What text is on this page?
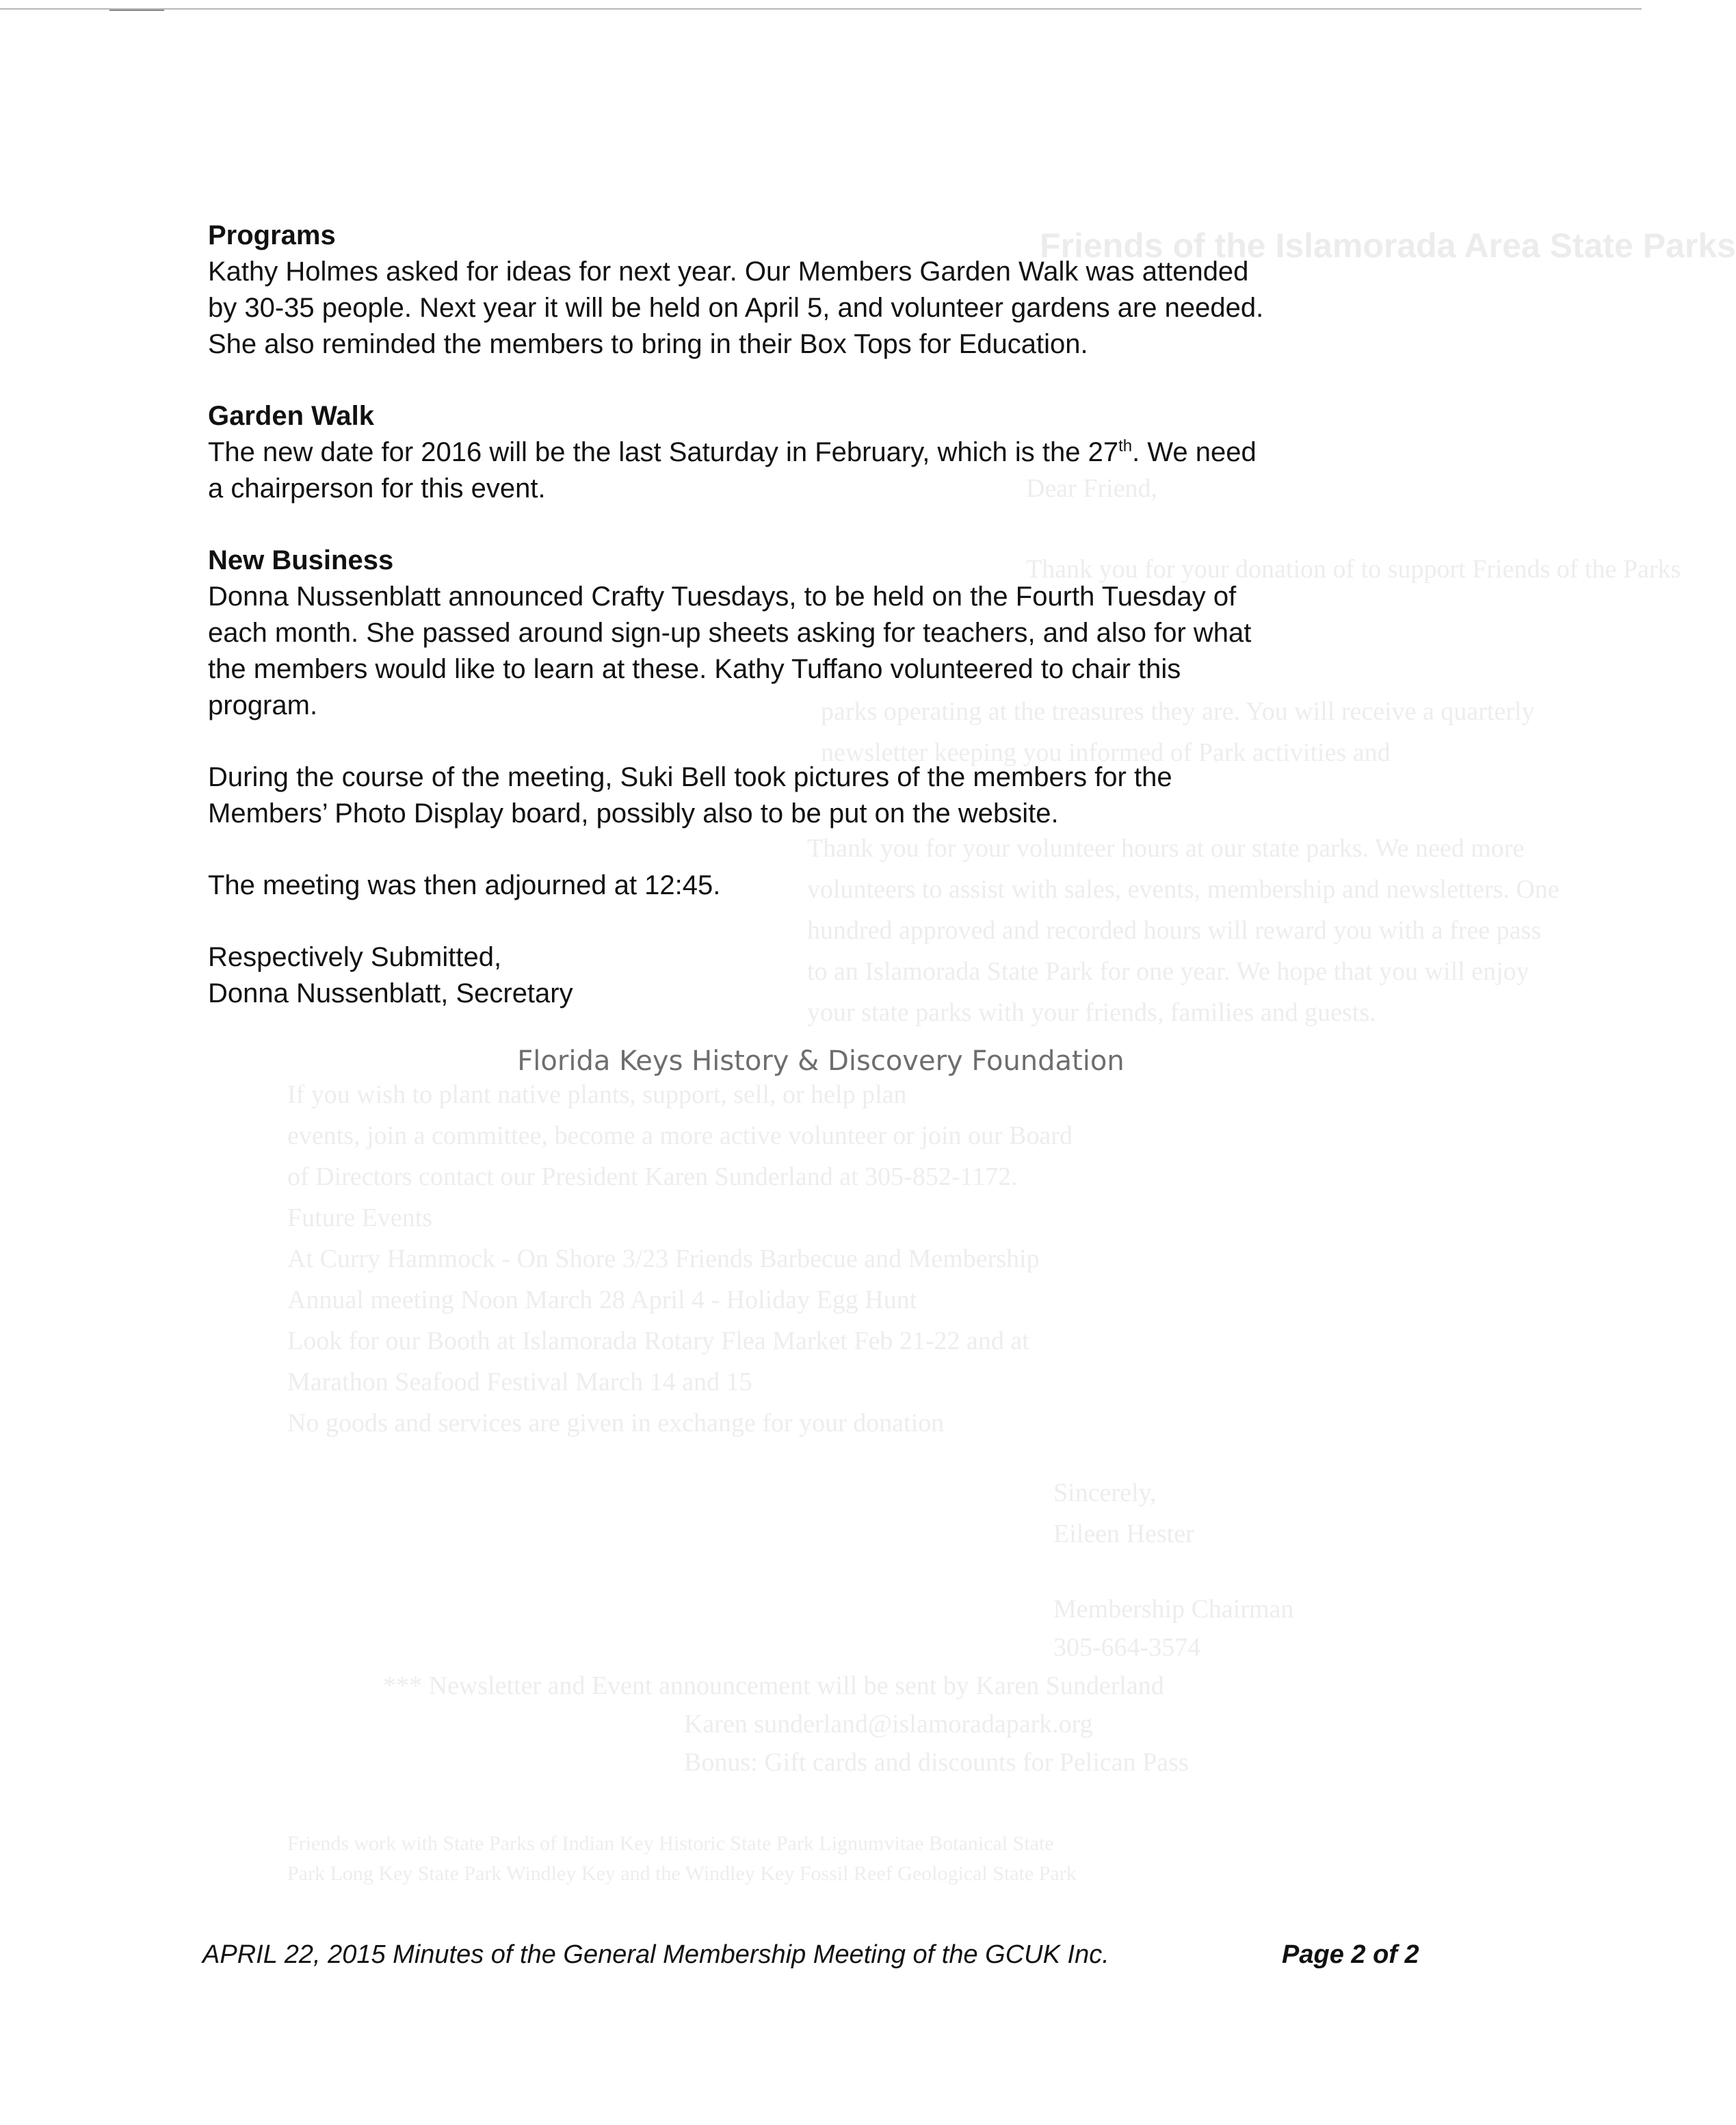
Friends of the Islamorada Area State Parks
Dear Friend,
Thank you for your donation of to support Friends of the Parks
parks operating at the treasures they are. You will receive a quarterly
newsletter keeping you informed of Park activities and
Thank you for your volunteer hours at our state parks. We need more
volunteers to assist with sales, events, membership and newsletters. One
hundred approved and recorded hours will reward you with a free pass
to an Islamorada State Park for one year. We hope that you will enjoy
your state parks with your friends, families and guests.
If you wish to plant native plants, support, sell, or help plan
events, join a committee, become a more active volunteer or join our Board
of Directors contact our President Karen Sunderland at 305-852-1172.
Future Events
At Curry Hammock - On Shore 3/23 Friends Barbecue and Membership
Annual meeting Noon March 28 April 4 - Holiday Egg Hunt
Look for our Booth at Islamorada Rotary Flea Market Feb 21-22 and at
Marathon Seafood Festival March 14 and 15
No goods and services are given in exchange for your donation
Sincerely,
Eileen Hester
Membership Chairman
305-664-3574
*** Newsletter and Event announcement will be sent by Karen Sunderland
Karen sunderland@islamoradapark.org
Bonus: Gift cards and discounts for Pelican Pass
Friends work with State Parks of Indian Key Historic State Park Lignumvitae Botanical State
Park Long Key State Park Windley Key and the Windley Key Fossil Reef Geological State Park
Programs
Kathy Holmes asked for ideas for next year. Our Members Garden Walk was attended
by 30-35 people. Next year it will be held on April 5, and volunteer gardens are needed.
She also reminded the members to bring in their Box Tops for Education.
Garden Walk
The new date for 2016 will be the last Saturday in February, which is the 27th. We need
a chairperson for this event.
New Business
Donna Nussenblatt announced Crafty Tuesdays, to be held on the Fourth Tuesday of
each month. She passed around sign-up sheets asking for teachers, and also for what
the members would like to learn at these. Kathy Tuffano volunteered to chair this
program.
During the course of the meeting, Suki Bell took pictures of the members for the
Members’ Photo Display board, possibly also to be put on the website.
The meeting was then adjourned at 12:45.
Respectively Submitted,
Donna Nussenblatt, Secretary
Florida Keys History & Discovery Foundation
APRIL 22, 2015 Minutes of the General Membership Meeting of the GCUK Inc.	Page 2 of 2
